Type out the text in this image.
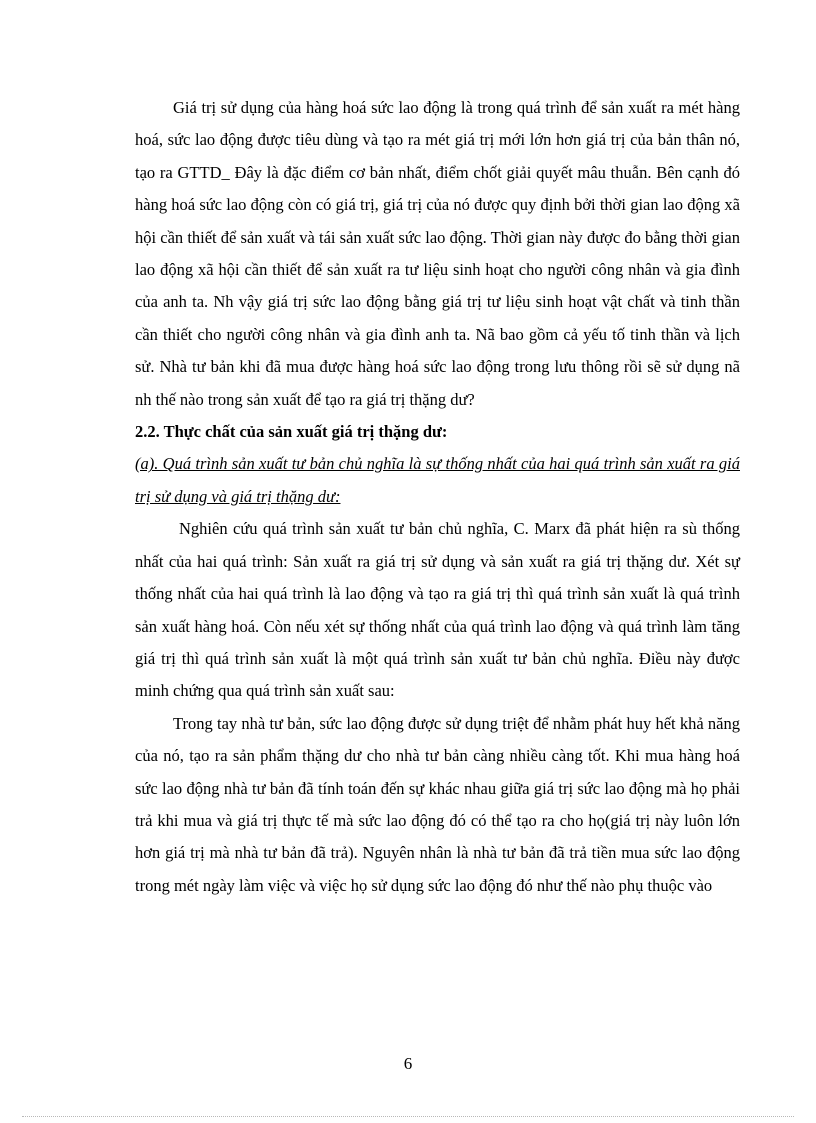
Giá trị sử dụng của hàng hoá sức lao động là trong quá trình để sản xuất ra mét hàng hoá, sức lao động được tiêu dùng và tạo ra mét giá trị mới lớn hơn giá trị của bản thân nó, tạo ra GTTD_ Đây là đặc điểm cơ bản nhất, điểm chốt giải quyết mâu thuẫn. Bên cạnh đó hàng hoá sức lao động còn có giá trị, giá trị của nó được quy định bởi thời gian lao động xã hội cần thiết để sản xuất và tái sản xuất sức lao động. Thời gian này được đo bằng thời gian lao động xã hội cần thiết để sản xuất ra tư liệu sinh hoạt cho người công nhân và gia đình của anh ta. Nh vậy giá trị sức lao động bằng giá trị tư liệu sinh hoạt vật chất và tinh thần cần thiết cho người công nhân và gia đình anh ta. Nã bao gồm cả yếu tố tinh thần và lịch sử. Nhà tư bản khi đã mua được hàng hoá sức lao động trong lưu thông rồi sẽ sử dụng nã nh thế nào trong sản xuất để tạo ra giá trị thặng dư?

2.2. Thực chất của sản xuất giá trị thặng dư:

(a). Quá trình sản xuất tư bản chủ nghĩa là sự thống nhất của hai quá trình sản xuất ra giá trị sử dụng và giá trị thặng dư:

Nghiên cứu quá trình sản xuất tư bản chủ nghĩa, C. Marx đã phát hiện ra sù thống nhất của hai quá trình: Sản xuất ra giá trị sử dụng và sản xuất ra giá trị thặng dư. Xét sự thống nhất của hai quá trình là lao động và tạo ra giá trị thì quá trình sản xuất là quá trình sản xuất hàng hoá. Còn nếu xét sự thống nhất của quá trình lao động và quá trình làm tăng giá trị thì quá trình sản xuất là một quá trình sản xuất tư bản chủ nghĩa. Điều này được minh chứng qua quá trình sản xuất sau:

Trong tay nhà tư bản, sức lao động được sử dụng triệt để nhằm phát huy hết khả năng của nó, tạo ra sản phẩm thặng dư cho nhà tư bản càng nhiều càng tốt. Khi mua hàng hoá sức lao động nhà tư bản đã tính toán đến sự khác nhau giữa giá trị sức lao động mà họ phải trả khi mua và giá trị thực tế mà sức lao động đó có thể tạo ra cho họ(giá trị này luôn lớn hơn giá trị mà nhà tư bản đã trả). Nguyên nhân là nhà tư bản đã trả tiền mua sức lao động trong mét ngày làm việc và việc họ sử dụng sức lao động đó như thế nào phụ thuộc vào

6
